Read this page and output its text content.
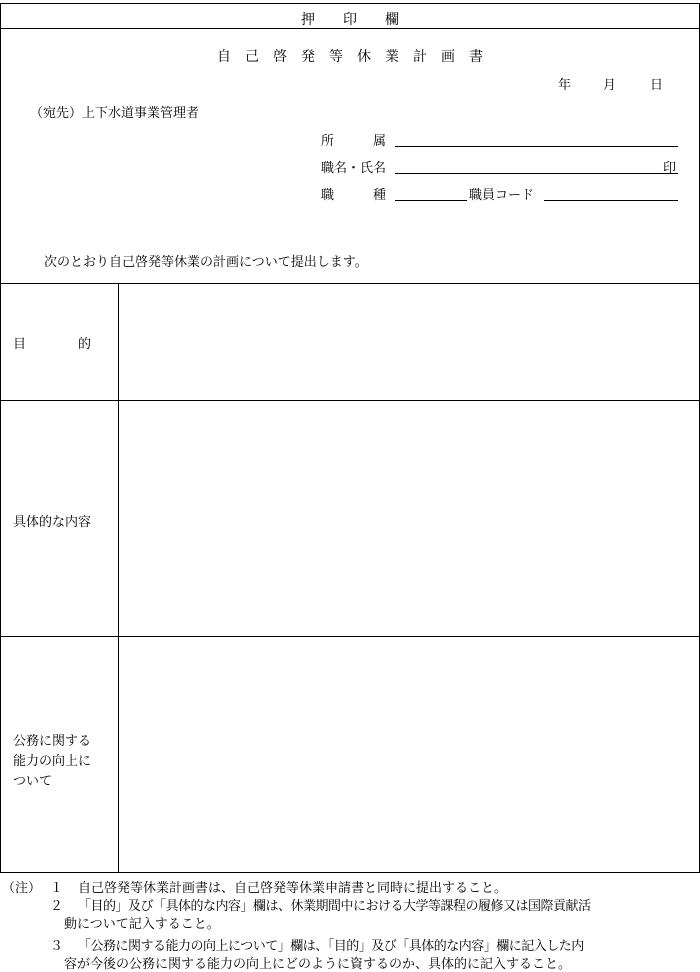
押　　印　　欄
自　己　啓　発　等　休　業　計　画　書
年 月	日
（宛先）上下水道事業管理者
所　　　属
職名・氏名	印
職　　　種	職員コード
次のとおり自己啓発等休業の計画について提出します。
目　　　　的
具体的な内容
公務に関する
能力の向上に
ついて
（注） １ 自己啓発等休業計画書は、自己啓発等休業申請書と同時に提出すること。
２ 「目的」及び「具体的な内容」欄は、休業期間中における大学等課程の履修又は国際貢献活
動について記入すること。
３ 「公務に関する能力の向上について」欄は、「目的」及び「具体的な内容」欄に記入した内
容が今後の公務に関する能力の向上にどのように資するのか、具体的に記入すること。
